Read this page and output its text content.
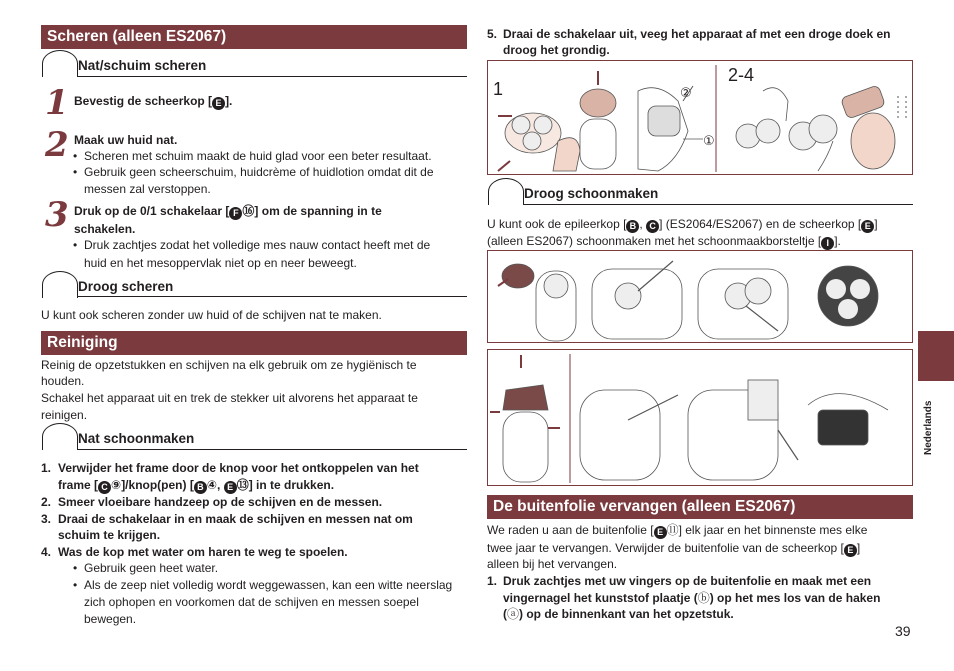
Scheren (alleen ES2067)
Nat/schuim scheren
1 Bevestig de scheerkop [ E ].
2 Maak uw huid nat.
• Scheren met schuim maakt de huid glad voor een beter resultaat.
• Gebruik geen scheerschuim, huidcrème of huidlotion omdat dit de
messen zal verstoppen.
3 Druk op de 0/1 schakelaar [ F ⑯] om de spanning in te
schakelen.
• Druk zachtjes zodat het volledige mes nauw contact heeft met de
huid en het mesoppervlak niet op en neer beweegt.
Droog scheren
U kunt ook scheren zonder uw huid of de schijven nat te maken.
Reiniging
Reinig de opzetstukken en schijven na elk gebruik om ze hygiënisch te
houden.
Schakel het apparaat uit en trek de stekker uit alvorens het apparaat te
reinigen.
Nat schoonmaken
1. Verwijder het frame door de knop voor het ontkoppelen van het
frame [ C ⑨]/knop(pen) [ B ④, E ⑬] in te drukken.
2. Smeer vloeibare handzeep op de schijven en de messen.
3. Draai de schakelaar in en maak de schijven en messen nat om
schuim te krijgen.
4. Was de kop met water om haren te weg te spoelen.
• Gebruik geen heet water.
• Als de zeep niet volledig wordt weggewassen, kan een witte neerslag
zich ophopen en voorkomen dat de schijven en messen soepel
bewegen.
5. Draai de schakelaar uit, veeg het apparaat af met een droge doek en
droog het grondig.
1
2-4
②
①
Droog schoonmaken
U kunt ook de epileerkop [ B , C ] (ES2064/ES2067) en de scheerkop [ E ]
(alleen ES2067) schoonmaken met het schoonmaakborsteltje [ I ].
De buitenfolie vervangen (alleen ES2067)
We raden u aan de buitenfolie [ E ⑪] elk jaar en het binnenste mes elke
twee jaar te vervangen. Verwijder de buitenfolie van de scheerkop [ E ]
alleen bij het vervangen.
1. Druk zachtjes met uw vingers op de buitenfolie en maak met een
vingernagel het kunststof plaatje (ⓑ) op het mes los van de haken
(ⓐ) op de binnenkant van het opzetstuk.
Nederlands
39
